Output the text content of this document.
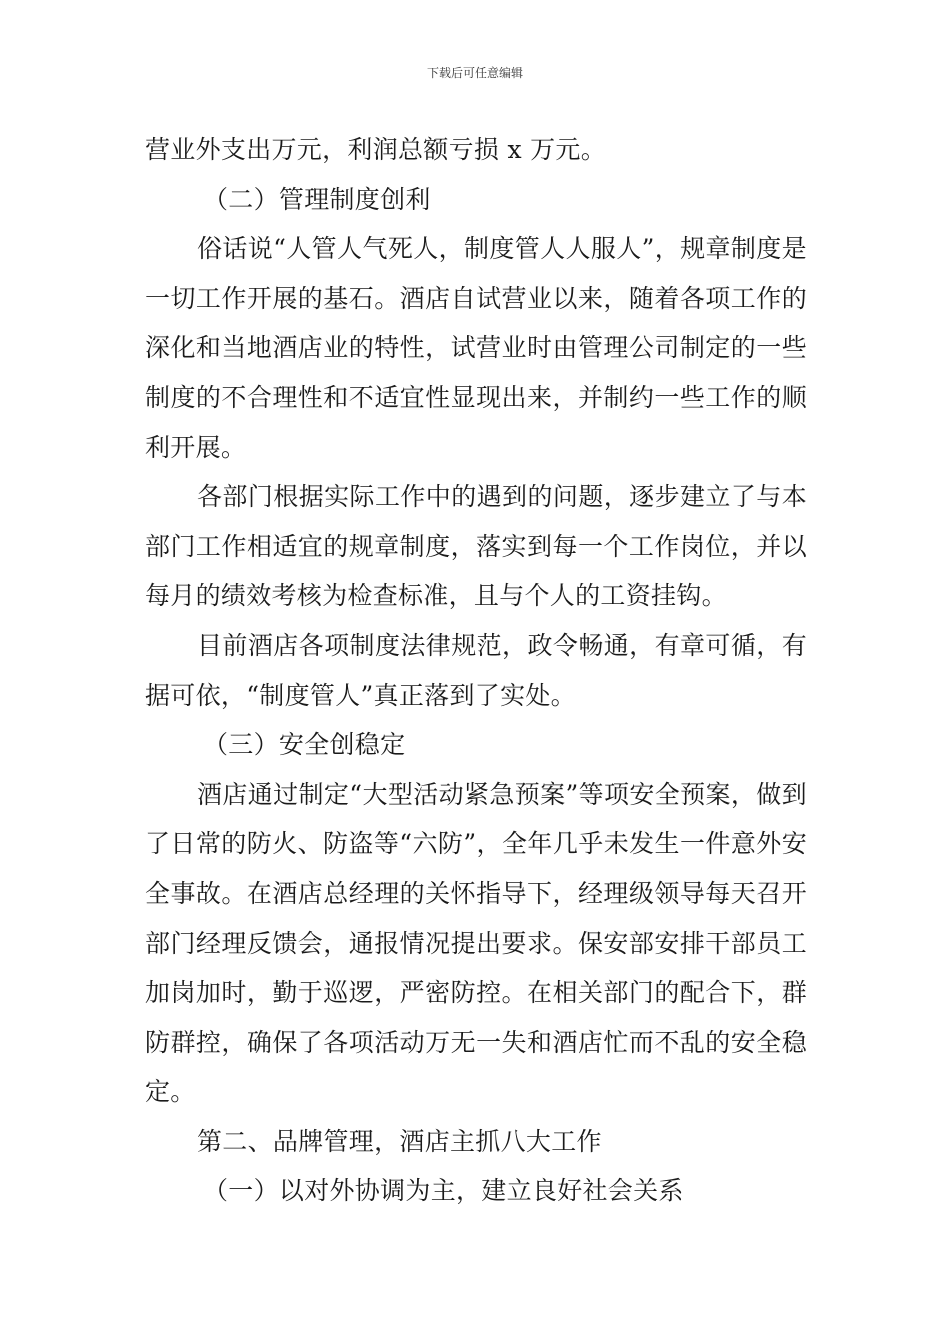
下载后可任意编辑

营业外支出万元，利润总额亏损 x 万元。

（二）管理制度创利

俗话说“人管人气死人，制度管人人服人”，规章制度是一切工作开展的基石。酒店自试营业以来，随着各项工作的深化和当地酒店业的特性，试营业时由管理公司制定的一些制度的不合理性和不适宜性显现出来，并制约一些工作的顺利开展。

各部门根据实际工作中的遇到的问题，逐步建立了与本部门工作相适宜的规章制度，落实到每一个工作岗位，并以每月的绩效考核为检查标准，且与个人的工资挂钩。

目前酒店各项制度法律规范，政令畅通，有章可循，有据可依，“制度管人”真正落到了实处。

（三）安全创稳定

酒店通过制定“大型活动紧急预案”等项安全预案，做到了日常的防火、防盗等“六防”，全年几乎未发生一件意外安全事故。在酒店总经理的关怀指导下，经理级领导每天召开部门经理反馈会，通报情况提出要求。保安部安排干部员工加岗加时，勤于巡逻，严密防控。在相关部门的配合下，群防群控，确保了各项活动万无一失和酒店忙而不乱的安全稳定。

第二、品牌管理，酒店主抓八大工作

（一）以对外协调为主，建立良好社会关系
